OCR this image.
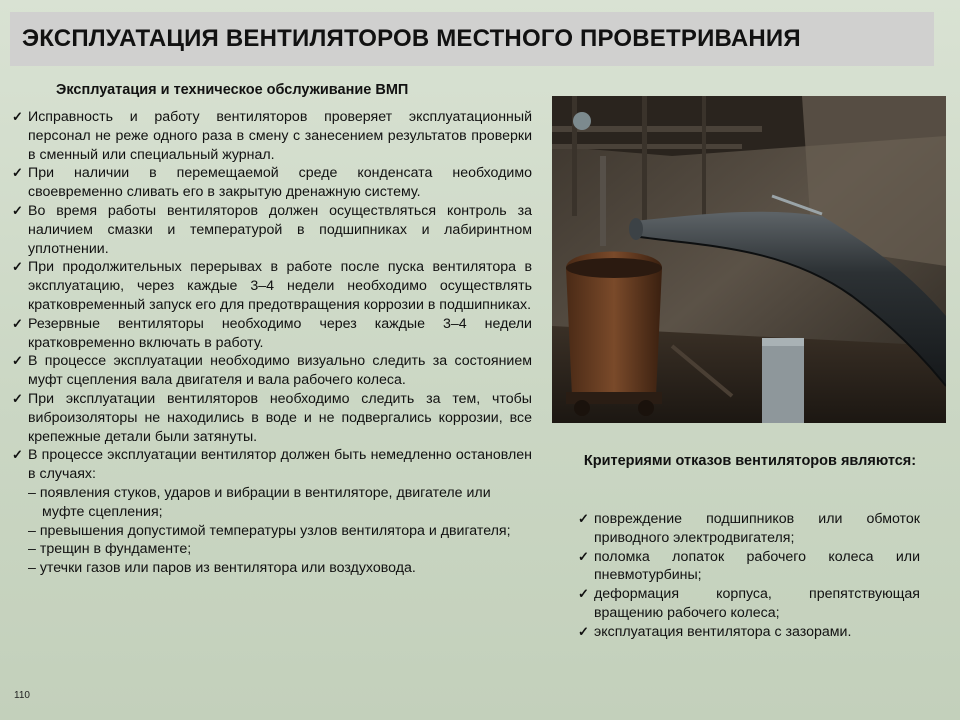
ЭКСПЛУАТАЦИЯ ВЕНТИЛЯТОРОВ МЕСТНОГО ПРОВЕТРИВАНИЯ
Эксплуатация и техническое обслуживание ВМП
✓ Исправность и работу вентиляторов проверяет эксплуатационный персонал не реже одного раза в смену с занесением результатов проверки в сменный или специальный журнал.
✓ При наличии в перемещаемой среде конденсата необходимо своевременно сливать его в закрытую дренажную систему.
✓ Во время работы вентиляторов должен осуществляться контроль за наличием смазки и температурой в подшипниках и лабиринтном уплотнении.
✓ При продолжительных перерывах в работе после пуска вентилятора в эксплуатацию, через каждые 3–4 недели необходимо осуществлять кратковременный запуск его для предотвращения коррозии в подшипниках.
✓ Резервные вентиляторы необходимо через каждые 3–4 недели кратковременно включать в работу.
✓ В процессе эксплуатации необходимо визуально следить за состоянием муфт сцепления вала двигателя и вала рабочего колеса.
✓ При эксплуатации вентиляторов необходимо следить за тем, чтобы виброизоляторы не находились в воде и не подвергались коррозии, все крепежные детали были затянуты.
✓ В процессе эксплуатации вентилятор должен быть немедленно остановлен в случаях:
– появления стуков, ударов и вибрации в вентиляторе, двигателе или муфте сцепления;
– превышения допустимой температуры узлов вентилятора и двигателя;
– трещин в фундаменте;
– утечки газов или паров из вентилятора или воздуховода.
Критериями отказов вентиляторов являются:
✓ повреждение подшипников или обмоток приводного электродвигателя;
✓ поломка лопаток рабочего колеса или пневмотурбины;
✓ деформация корпуса, препятствующая вращению рабочего колеса;
✓ эксплуатация вентилятора с зазорами.
110
